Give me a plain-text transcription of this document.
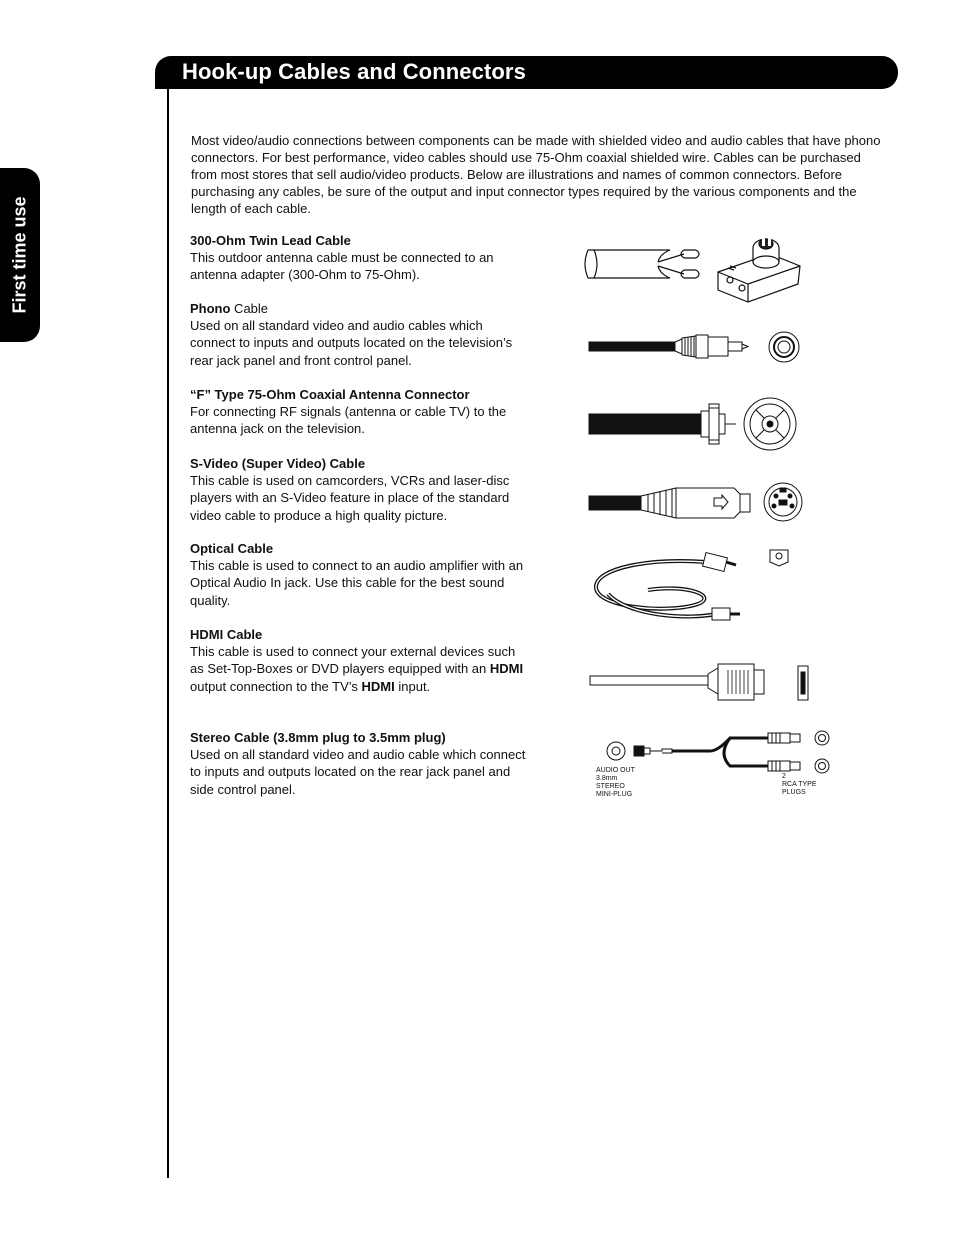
Hook-up Cables and Connectors
First time use

Most video/audio connections between components can be made with shielded video and audio cables that have phono connectors. For best performance, video cables should use 75-Ohm coaxial shielded wire. Cables can be purchased from most stores that sell audio/video products. Below are illustrations and names of common connectors. Before purchasing any cables, be sure of the output and input connector types required by the various components and the length of each cable.

300-Ohm Twin Lead Cable

This outdoor antenna cable must be connected to an antenna adapter (300-Ohm to 75-Ohm).

Phono Cable

Used on all standard video and audio cables which connect to inputs and outputs located on the television’s rear jack panel and front control panel.

“F” Type 75-Ohm Coaxial Antenna Connector

For connecting RF signals (antenna or cable TV) to the antenna jack on the television.

S-Video (Super Video) Cable

This cable is used on camcorders, VCRs and laser-disc players with an S-Video feature in place of the standard video cable to produce a high quality picture.

Optical Cable

This cable is used to connect to an audio amplifier with an Optical Audio In jack. Use this cable for the best sound quality.

HDMI Cable

This cable is used to connect your external devices such as Set-Top-Boxes or DVD players equipped with an HDMI output connection to the TV’s HDMI input.

Stereo Cable (3.8mm plug to 3.5mm plug)

Used on all standard video and audio cable which connect to inputs and outputs located on the rear jack panel and side control panel.

AUDIO OUT
3.8mm
STEREO
MINI-PLUG
2
RCA TYPE
PLUGS
